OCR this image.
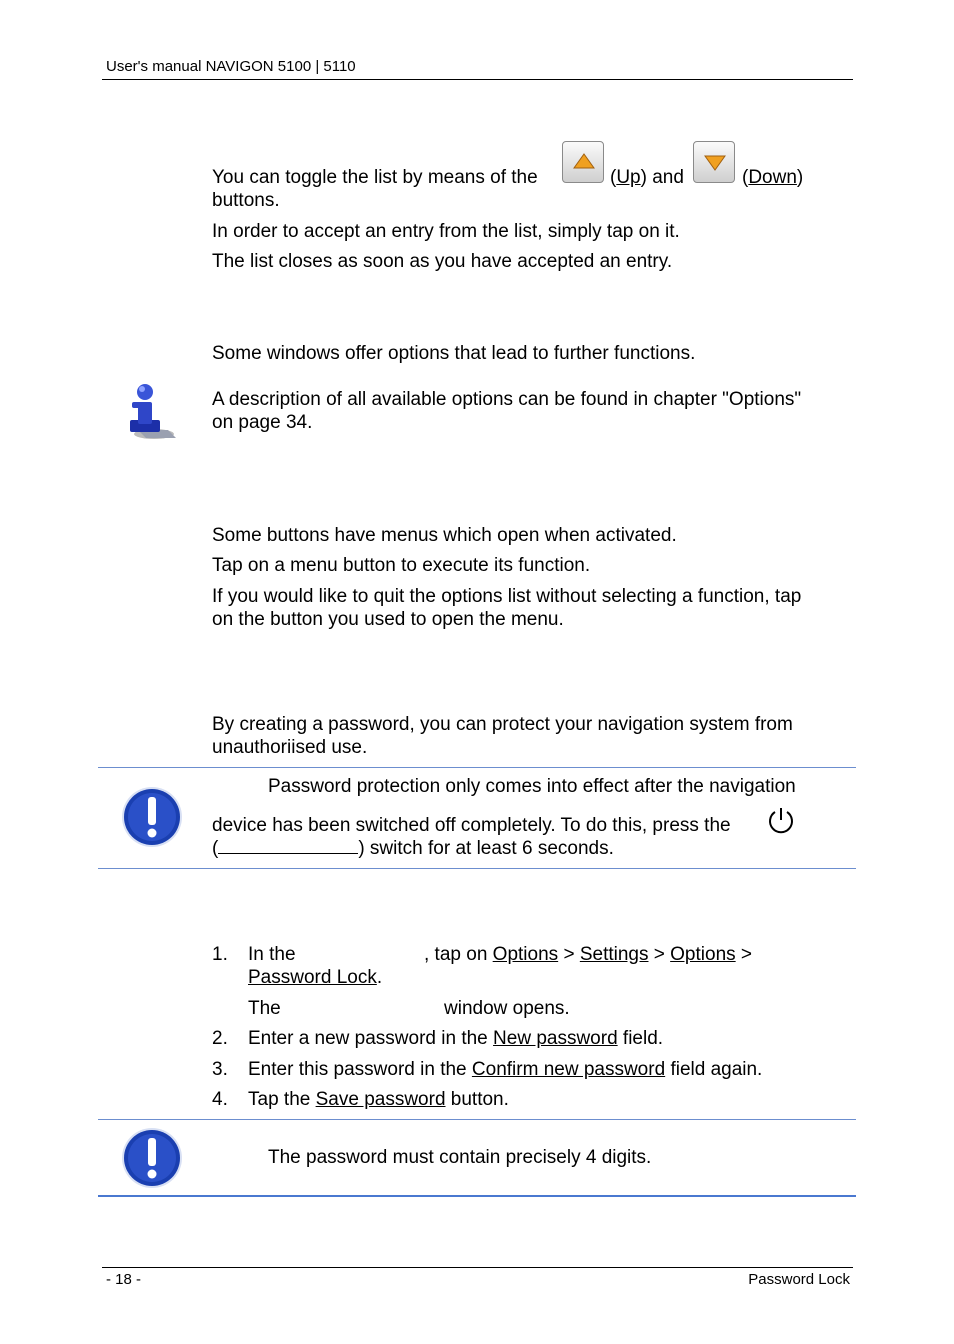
User's manual NAVIGON 5100 | 5110
You can toggle the list by means of the	(Up) and	(Down)
buttons.
In order to accept an entry from the list, simply tap on it.
The list closes as soon as you have accepted an entry.
Some windows offer options that lead to further functions.
A description of all available options can be found in chapter "Options"
on page 34.
Some buttons have menus which open when activated.
Tap on a menu button to execute its function.
If you would like to quit the options list without selecting a function, tap
on the button you used to open the menu.
By creating a password, you can protect your navigation system from
unauthoriised use.
Password protection only comes into effect after the navigation
device has been switched off completely. To do this, press the
(	) switch for at least 6 seconds.
1. In the	, tap on Options > Settings > Options >
Password Lock.
The	window opens.
2. Enter a new password in the New password field.
3. Enter this password in the Confirm new password field again.
4. Tap the Save password button.
The password must contain precisely 4 digits.
- 18 -	Password Lock
